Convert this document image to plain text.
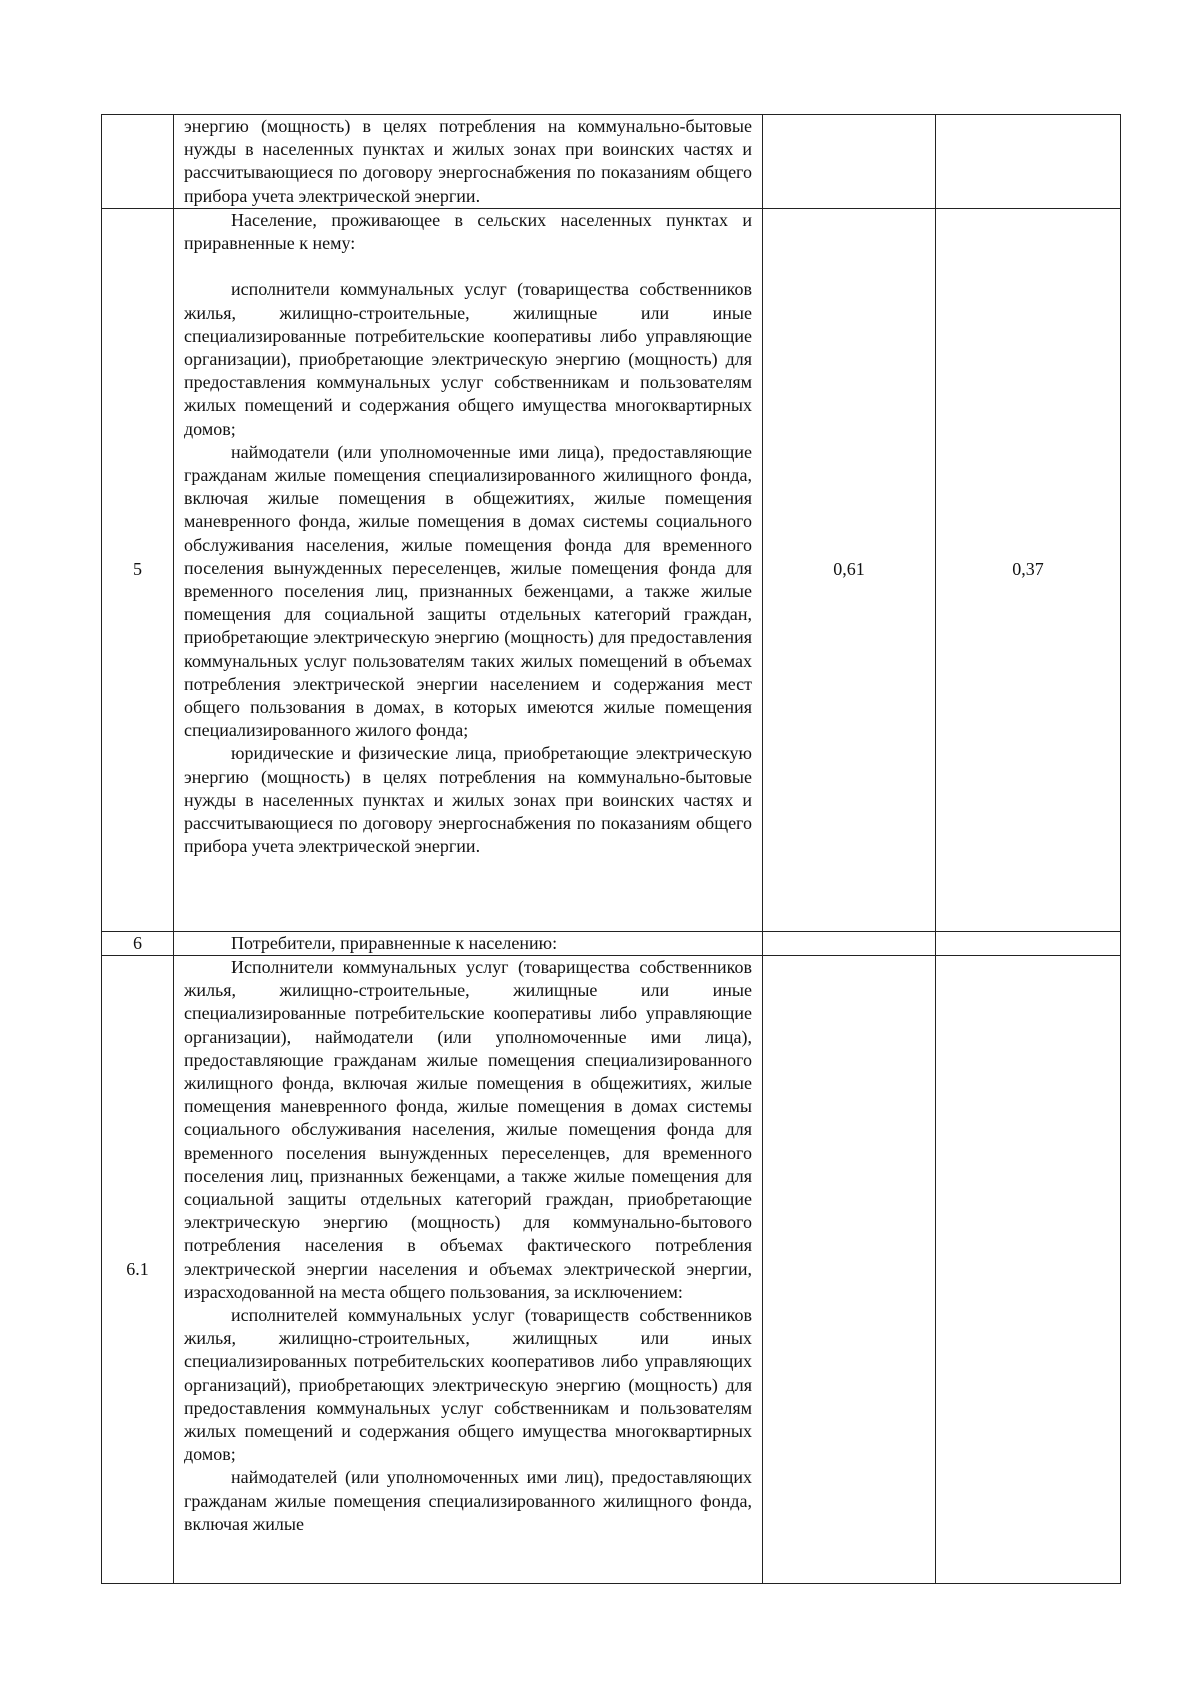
	энергию (мощность) в целях потребления на коммунально-бытовые нужды в населенных пунктах и жилых зонах при воинских частях и рассчитывающиеся по договору энергоснабжения по показаниям общего прибора учета электрической энергии.		

5	Население, проживающее в сельских населенных пунктах и приравненные к нему:

исполнители коммунальных услуг (товарищества собственников жилья, жилищно-строительные, жилищные или иные специализированные потребительские кооперативы либо управляющие организации), приобретающие электрическую энергию (мощность) для предоставления коммунальных услуг собственникам и пользователям жилых помещений и содержания общего имущества многоквартирных домов;

наймодатели (или уполномоченные ими лица), предоставляющие гражданам жилые помещения специализированного жилищного фонда, включая жилые помещения в общежитиях, жилые помещения маневренного фонда, жилые помещения в домах системы социального обслуживания населения, жилые помещения фонда для временного поселения вынужденных переселенцев, жилые помещения фонда для временного поселения лиц, признанных беженцами, а также жилые помещения для социальной защиты отдельных категорий граждан, приобретающие электрическую энергию (мощность) для предоставления коммунальных услуг пользователям таких жилых помещений в объемах потребления электрической энергии населением и содержания мест общего пользования в домах, в которых имеются жилые помещения специализированного жилого фонда;

юридические и физические лица, приобретающие электрическую энергию (мощность) в целях потребления на коммунально-бытовые нужды в населенных пунктах и жилых зонах при воинских частях и рассчитывающиеся по договору энергоснабжения по показаниям общего прибора учета электрической энергии.	0,61	0,37
6	Потребители, приравненные к населению:		

6.1	Исполнители коммунальных услуг (товарищества собственников жилья, жилищно-строительные, жилищные или иные специализированные потребительские кооперативы либо управляющие организации), наймодатели (или уполномоченные ими лица), предоставляющие гражданам жилые помещения специализированного жилищного фонда, включая жилые помещения в общежитиях, жилые помещения маневренного фонда, жилые помещения в домах системы социального обслуживания населения, жилые помещения фонда для временного поселения вынужденных переселенцев, для временного поселения лиц, признанных беженцами, а также жилые помещения для социальной защиты отдельных категорий граждан, приобретающие электрическую энергию (мощность) для коммунально-бытового потребления населения в объемах фактического потребления электрической энергии населения и объемах электрической энергии, израсходованной на места общего пользования, за исключением:

исполнителей коммунальных услуг (товариществ собственников жилья, жилищно-строительных, жилищных или иных специализированных потребительских кооперативов либо управляющих организаций), приобретающих электрическую энергию (мощность) для предоставления коммунальных услуг собственникам и пользователям жилых помещений и содержания общего имущества многоквартирных домов;

наймодателей (или уполномоченных ими лиц), предоставляющих гражданам жилые помещения специализированного жилищного фонда, включая жилые		
